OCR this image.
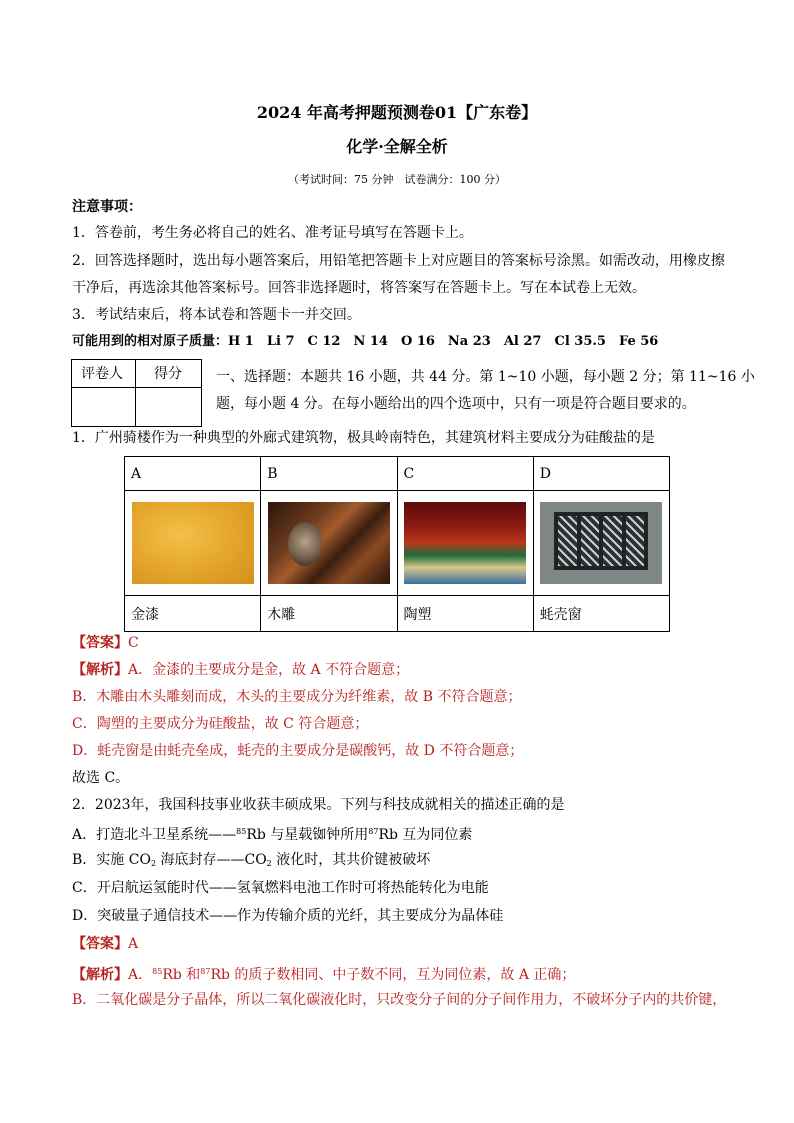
2024 年高考押题预测卷01【广东卷】
化学·全解全析
（考试时间：75 分钟　试卷满分：100 分）
注意事项：
1．答卷前，考生务必将自己的姓名、准考证号填写在答题卡上。
2．回答选择题时，选出每小题答案后，用铅笔把答题卡上对应题目的答案标号涂黑。如需改动，用橡皮擦
干净后，再选涂其他答案标号。回答非选择题时，将答案写在答题卡上。写在本试卷上无效。
3．考试结束后，将本试卷和答题卡一并交回。
可能用到的相对原子质量：H 1　Li 7　C 12　N 14　O 16　Na 23　Al 27　Cl 35.5　Fe 56
评卷人 得分 一、选择题：本题共 16 小题，共 44 分。第 1~10 小题，每小题 2 分；第 11~16 小
题，每小题 4 分。在每小题给出的四个选项中，只有一项是符合题目要求的。
1．广州骑楼作为一种典型的外廊式建筑物，极具岭南特色，其建筑材料主要成分为硅酸盐的是
A	B	C	D

金漆	木雕	陶塑	蚝壳窗
【答案】C
【解析】A．金漆的主要成分是金，故 A 不符合题意；
B．木雕由木头雕刻而成，木头的主要成分为纤维素，故 B 不符合题意；
C．陶塑的主要成分为硅酸盐，故 C 符合题意；
D．蚝壳窗是由蚝壳垒成，蚝壳的主要成分是碳酸钙，故 D 不符合题意；
故选 C。
2．2023年，我国科技事业收获丰硕成果。下列与科技成就相关的描述正确的是
A．打造北斗卫星系统——$^{85}$Rb 与星载铷钟所用$^{87}$Rb 互为同位素
B．实施 $CO_2$ 海底封存$——CO_2$ 液化时，其共价键被破坏
C．开启航运氢能时代——氢氧燃料电池工作时可将热能转化为电能
D．突破量子通信技术——作为传输介质的光纤，其主要成分为晶体硅
【答案】A
【解析】A．$^{85}$Rb 和$^{87}$Rb 的质子数相同、中子数不同，互为同位素，故 A 正确；
B．二氧化碳是分子晶体，所以二氧化碳液化时，只改变分子间的分子间作用力，不破坏分子内的共价键，
